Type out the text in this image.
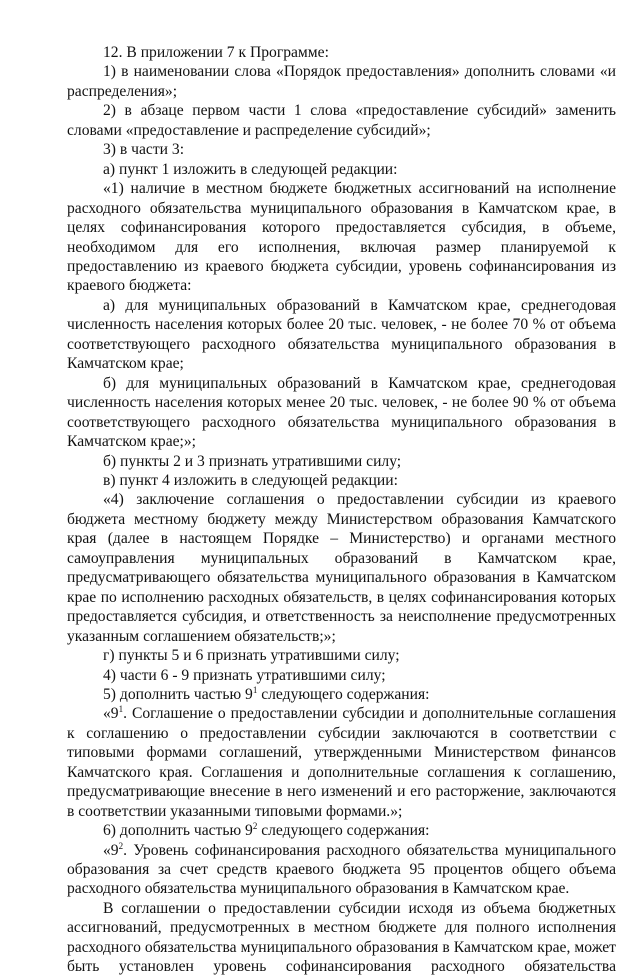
12. В приложении 7 к Программе:

1) в наименовании слова «Порядок предоставления» дополнить словами «и распределения»;

2) в абзаце первом части 1 слова «предоставление субсидий» заменить словами «предоставление и распределение субсидий»;

3) в части 3:

а) пункт 1 изложить в следующей редакции:

«1) наличие в местном бюджете бюджетных ассигнований на исполнение расходного обязательства муниципального образования в Камчатском крае, в целях софинансирования которого предоставляется субсидия, в объеме, необходимом для его исполнения, включая размер планируемой к предоставлению из краевого бюджета субсидии, уровень софинансирования из краевого бюджета:

а) для муниципальных образований в Камчатском крае, среднегодовая численность населения которых более 20 тыс. человек, - не более 70 % от объема соответствующего расходного обязательства муниципального образования в Камчатском крае;

б) для муниципальных образований в Камчатском крае, среднегодовая численность населения которых менее 20 тыс. человек, - не более 90 % от объема соответствующего расходного обязательства муниципального образования в Камчатском крае;»;

б) пункты 2 и 3 признать утратившими силу;

в) пункт 4 изложить в следующей редакции:

«4) заключение соглашения о предоставлении субсидии из краевого бюджета местному бюджету между Министерством образования Камчатского края (далее в настоящем Порядке – Министерство) и органами местного самоуправления муниципальных образований в Камчатском крае, предусматривающего обязательства муниципального образования в Камчатском крае по исполнению расходных обязательств, в целях софинансирования которых предоставляется субсидия, и ответственность за неисполнение предусмотренных указанным соглашением обязательств;»;

г) пункты 5 и 6 признать утратившими силу;

4) части 6 - 9 признать утратившими силу;

5) дополнить частью $9^1$ следующего содержания:

«$9^1$. Соглашение о предоставлении субсидии и дополнительные соглашения к соглашению о предоставлении субсидии заключаются в соответствии с типовыми формами соглашений, утвержденными Министерством финансов Камчатского края. Соглашения и дополнительные соглашения к соглашению, предусматривающие внесение в него изменений и его расторжение, заключаются в соответствии указанными типовыми формами.»;

6) дополнить частью $9^2$ следующего содержания:

«$9^2$. Уровень софинансирования расходного обязательства муниципального образования за счет средств краевого бюджета 95 процентов общего объема расходного обязательства муниципального образования в Камчатском крае.

В соглашении о предоставлении субсидии исходя из объема бюджетных ассигнований, предусмотренных в местном бюджете для полного исполнения расходного обязательства муниципального образования в Камчатском крае, может быть установлен уровень софинансирования расходного обязательства
